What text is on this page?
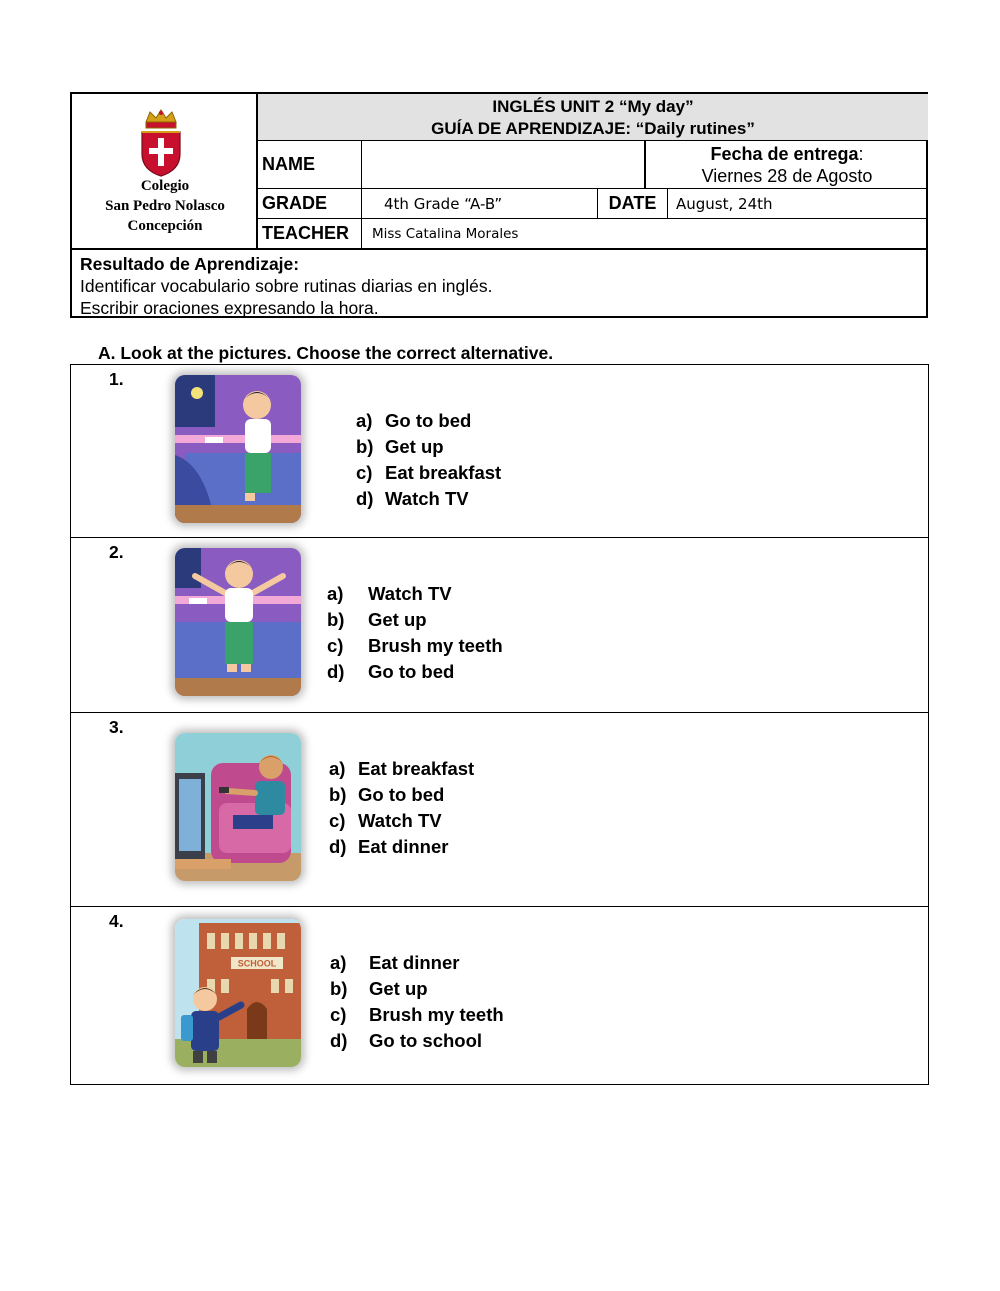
Colegio
San Pedro Nolasco
Concepción
INGLÉS UNIT 2 “My day”
GUÍA DE APRENDIZAJE: “Daily rutines”
NAME	Fecha de entrega:
Viernes 28 de Agosto
GRADE	4th Grade “A-B”	DATE	August, 24th
TEACHER	Miss Catalina Morales
Resultado de Aprendizaje:
Identificar vocabulario sobre rutinas diarias en inglés.
Escribir oraciones expresando la hora.
A. Look at the pictures. Choose the correct alternative.
1.
a) Go to bed
b) Get up
c) Eat breakfast
d) Watch TV
2.
a) Watch TV
b) Get up
c) Brush my teeth
d) Go to bed
3.
a) Eat breakfast
b) Go to bed
c) Watch TV
d) Eat dinner
4.
SCHOOL	a) Eat dinner
b) Get up
c) Brush my teeth
d) Go to school
